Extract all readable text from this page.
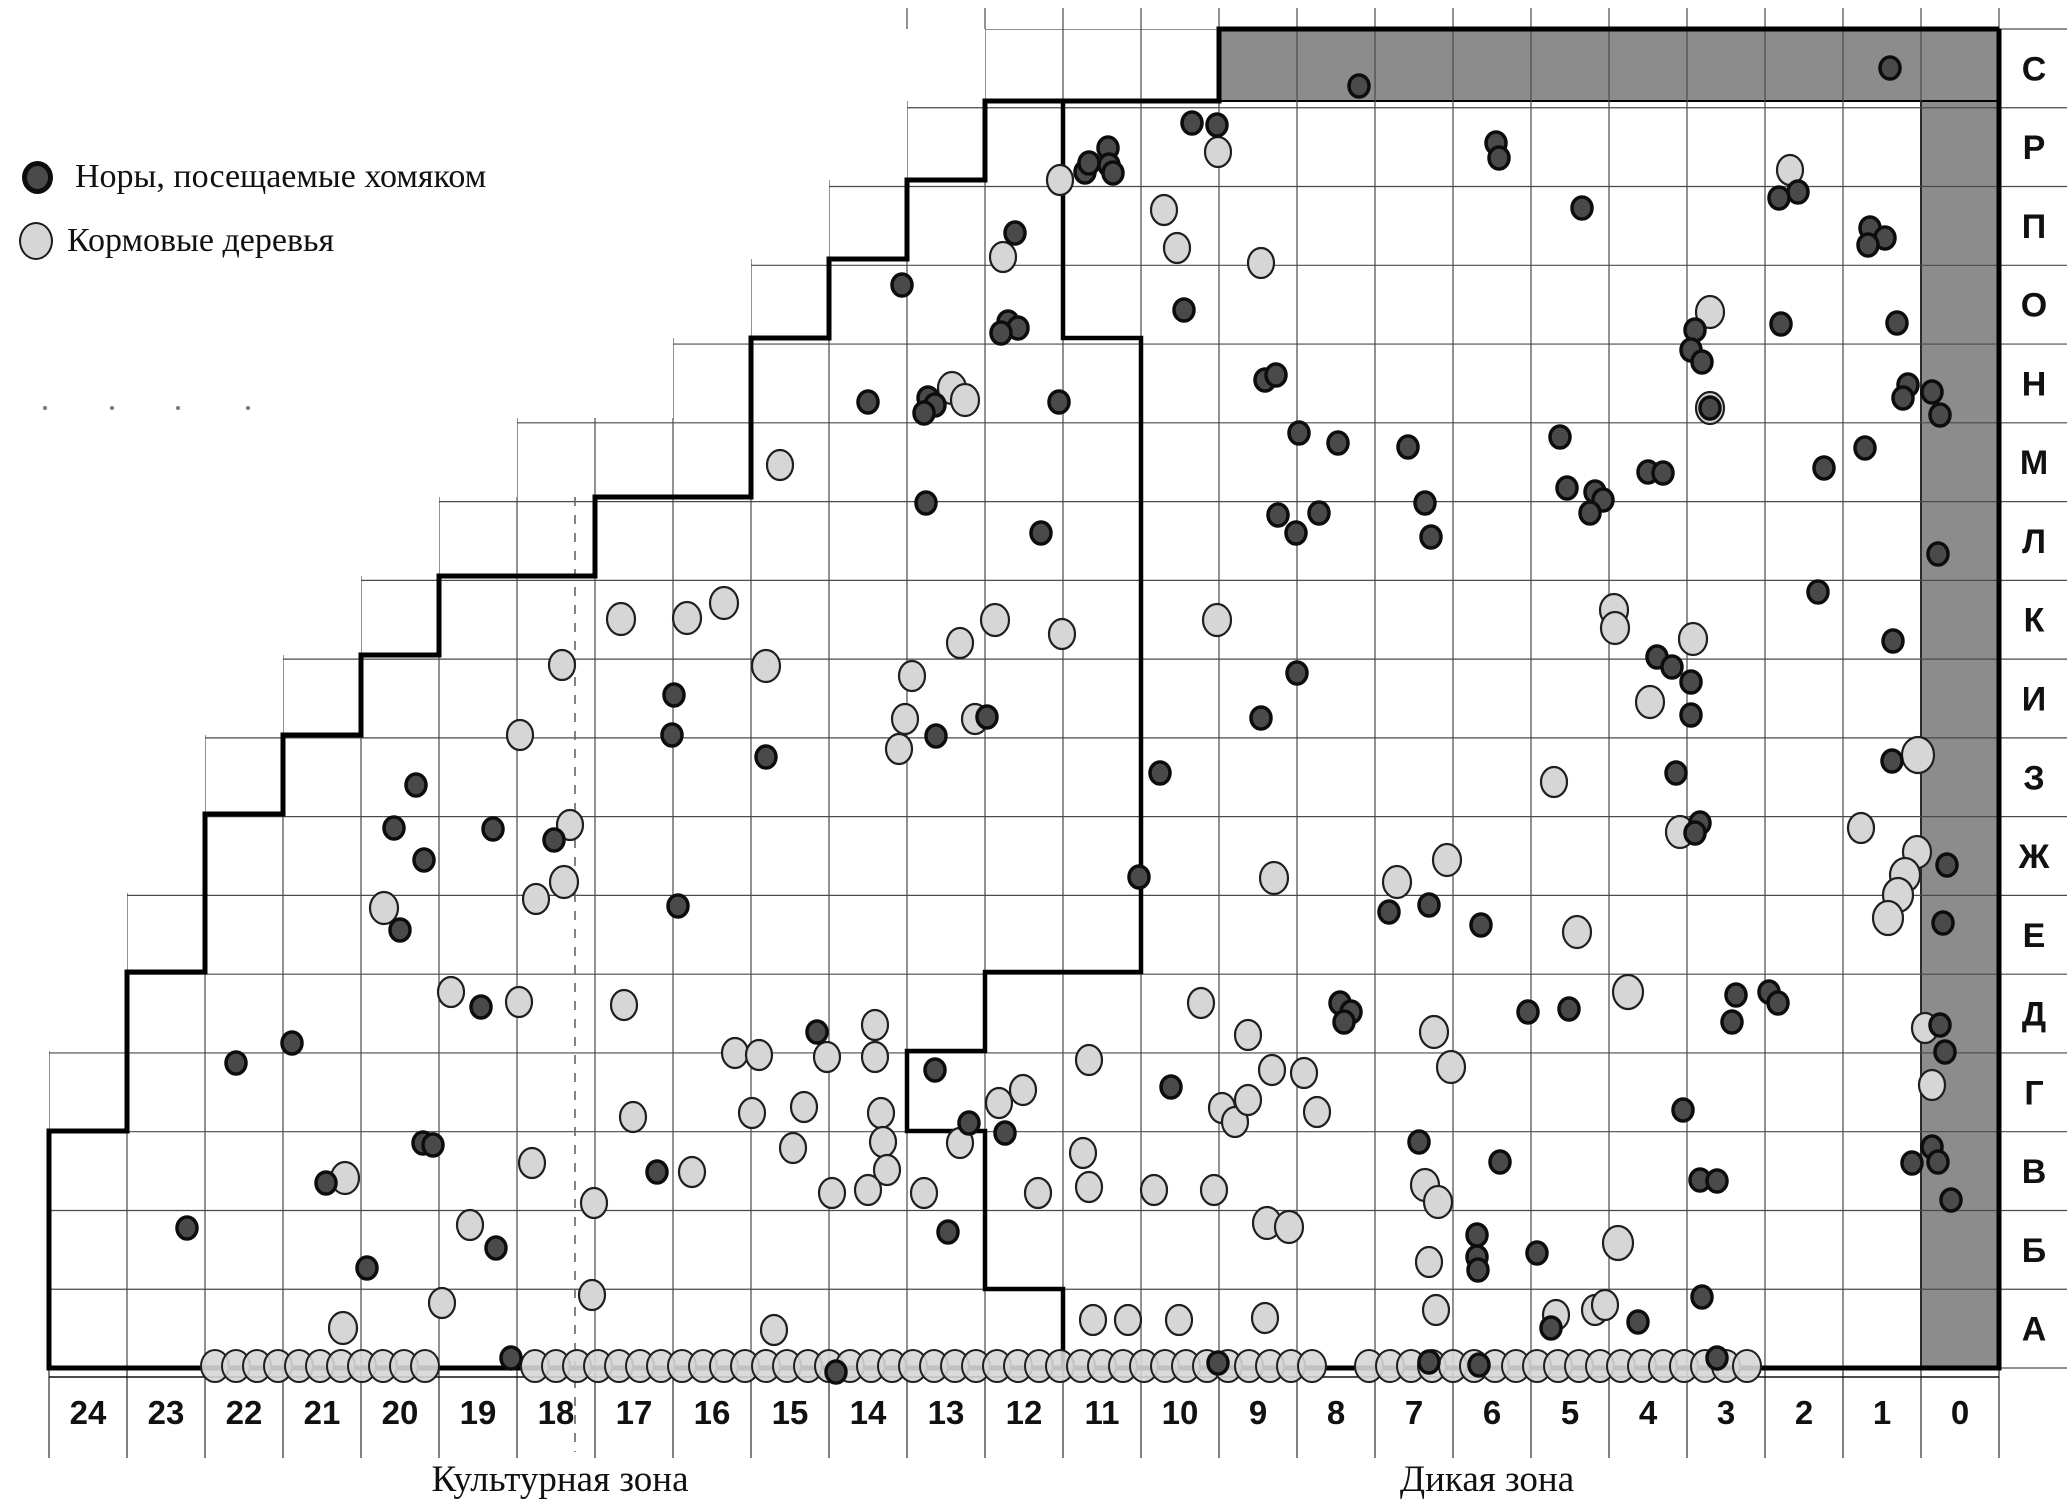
24 23 22 21 20 19 18 17 16 15 14 13 12 11 10 9 8 7 6 5 4 3 2 1 0
С
Р
П
О
Н
М
Л
К
И
З
Ж
Е
Д
Г
В
Б
А
Норы, посещаемые хомяком
Кормовые деревья
Культурная зона	Дикая зона
